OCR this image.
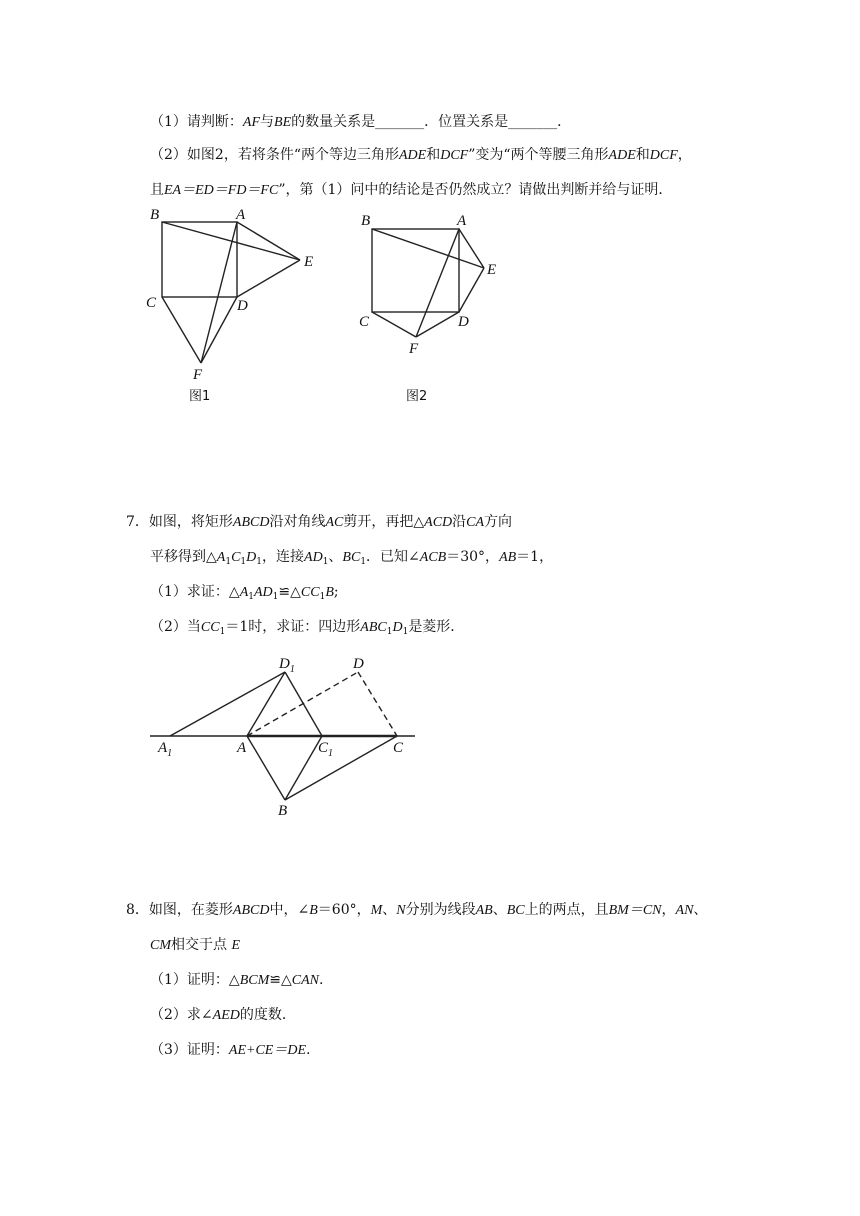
（1）请判断：AF与BE的数量关系是_______．位置关系是_______．
（2）如图2，若将条件“两个等边三角形ADE和DCF”变为“两个等腰三角形ADE和DCF，
且EA＝ED＝FD＝FC”，第（1）问中的结论是否仍然成立？请做出判断并给与证明．
B	A
E
C	D
F
图1
B	A
E
C	D
F
图2
$D_1$	D
$A_1$	A	$C_1$	C
B
7．如图，将矩形ABCD沿对角线AC剪开，再把△ACD沿CA方向
平移得到$\triangle A_1C_1D_1$，连接$AD_1$、$BC_1$．已知∠ACB＝30°，AB＝1，
（1）求证：$\triangle A_1AD_1≌\triangle CC_1B$;
（2）当$CC_1=1$时，求证：四边形$ABC_1D_1$是菱形．
8．如图，在菱形ABCD中，∠B＝60°，M、N分别为线段AB、BC上的两点，且BM＝CN，AN、
CM相交于点 E
（1）证明：△BCM≌△CAN.
（2）求∠AED的度数．
（3）证明：AE+CE＝DE.
